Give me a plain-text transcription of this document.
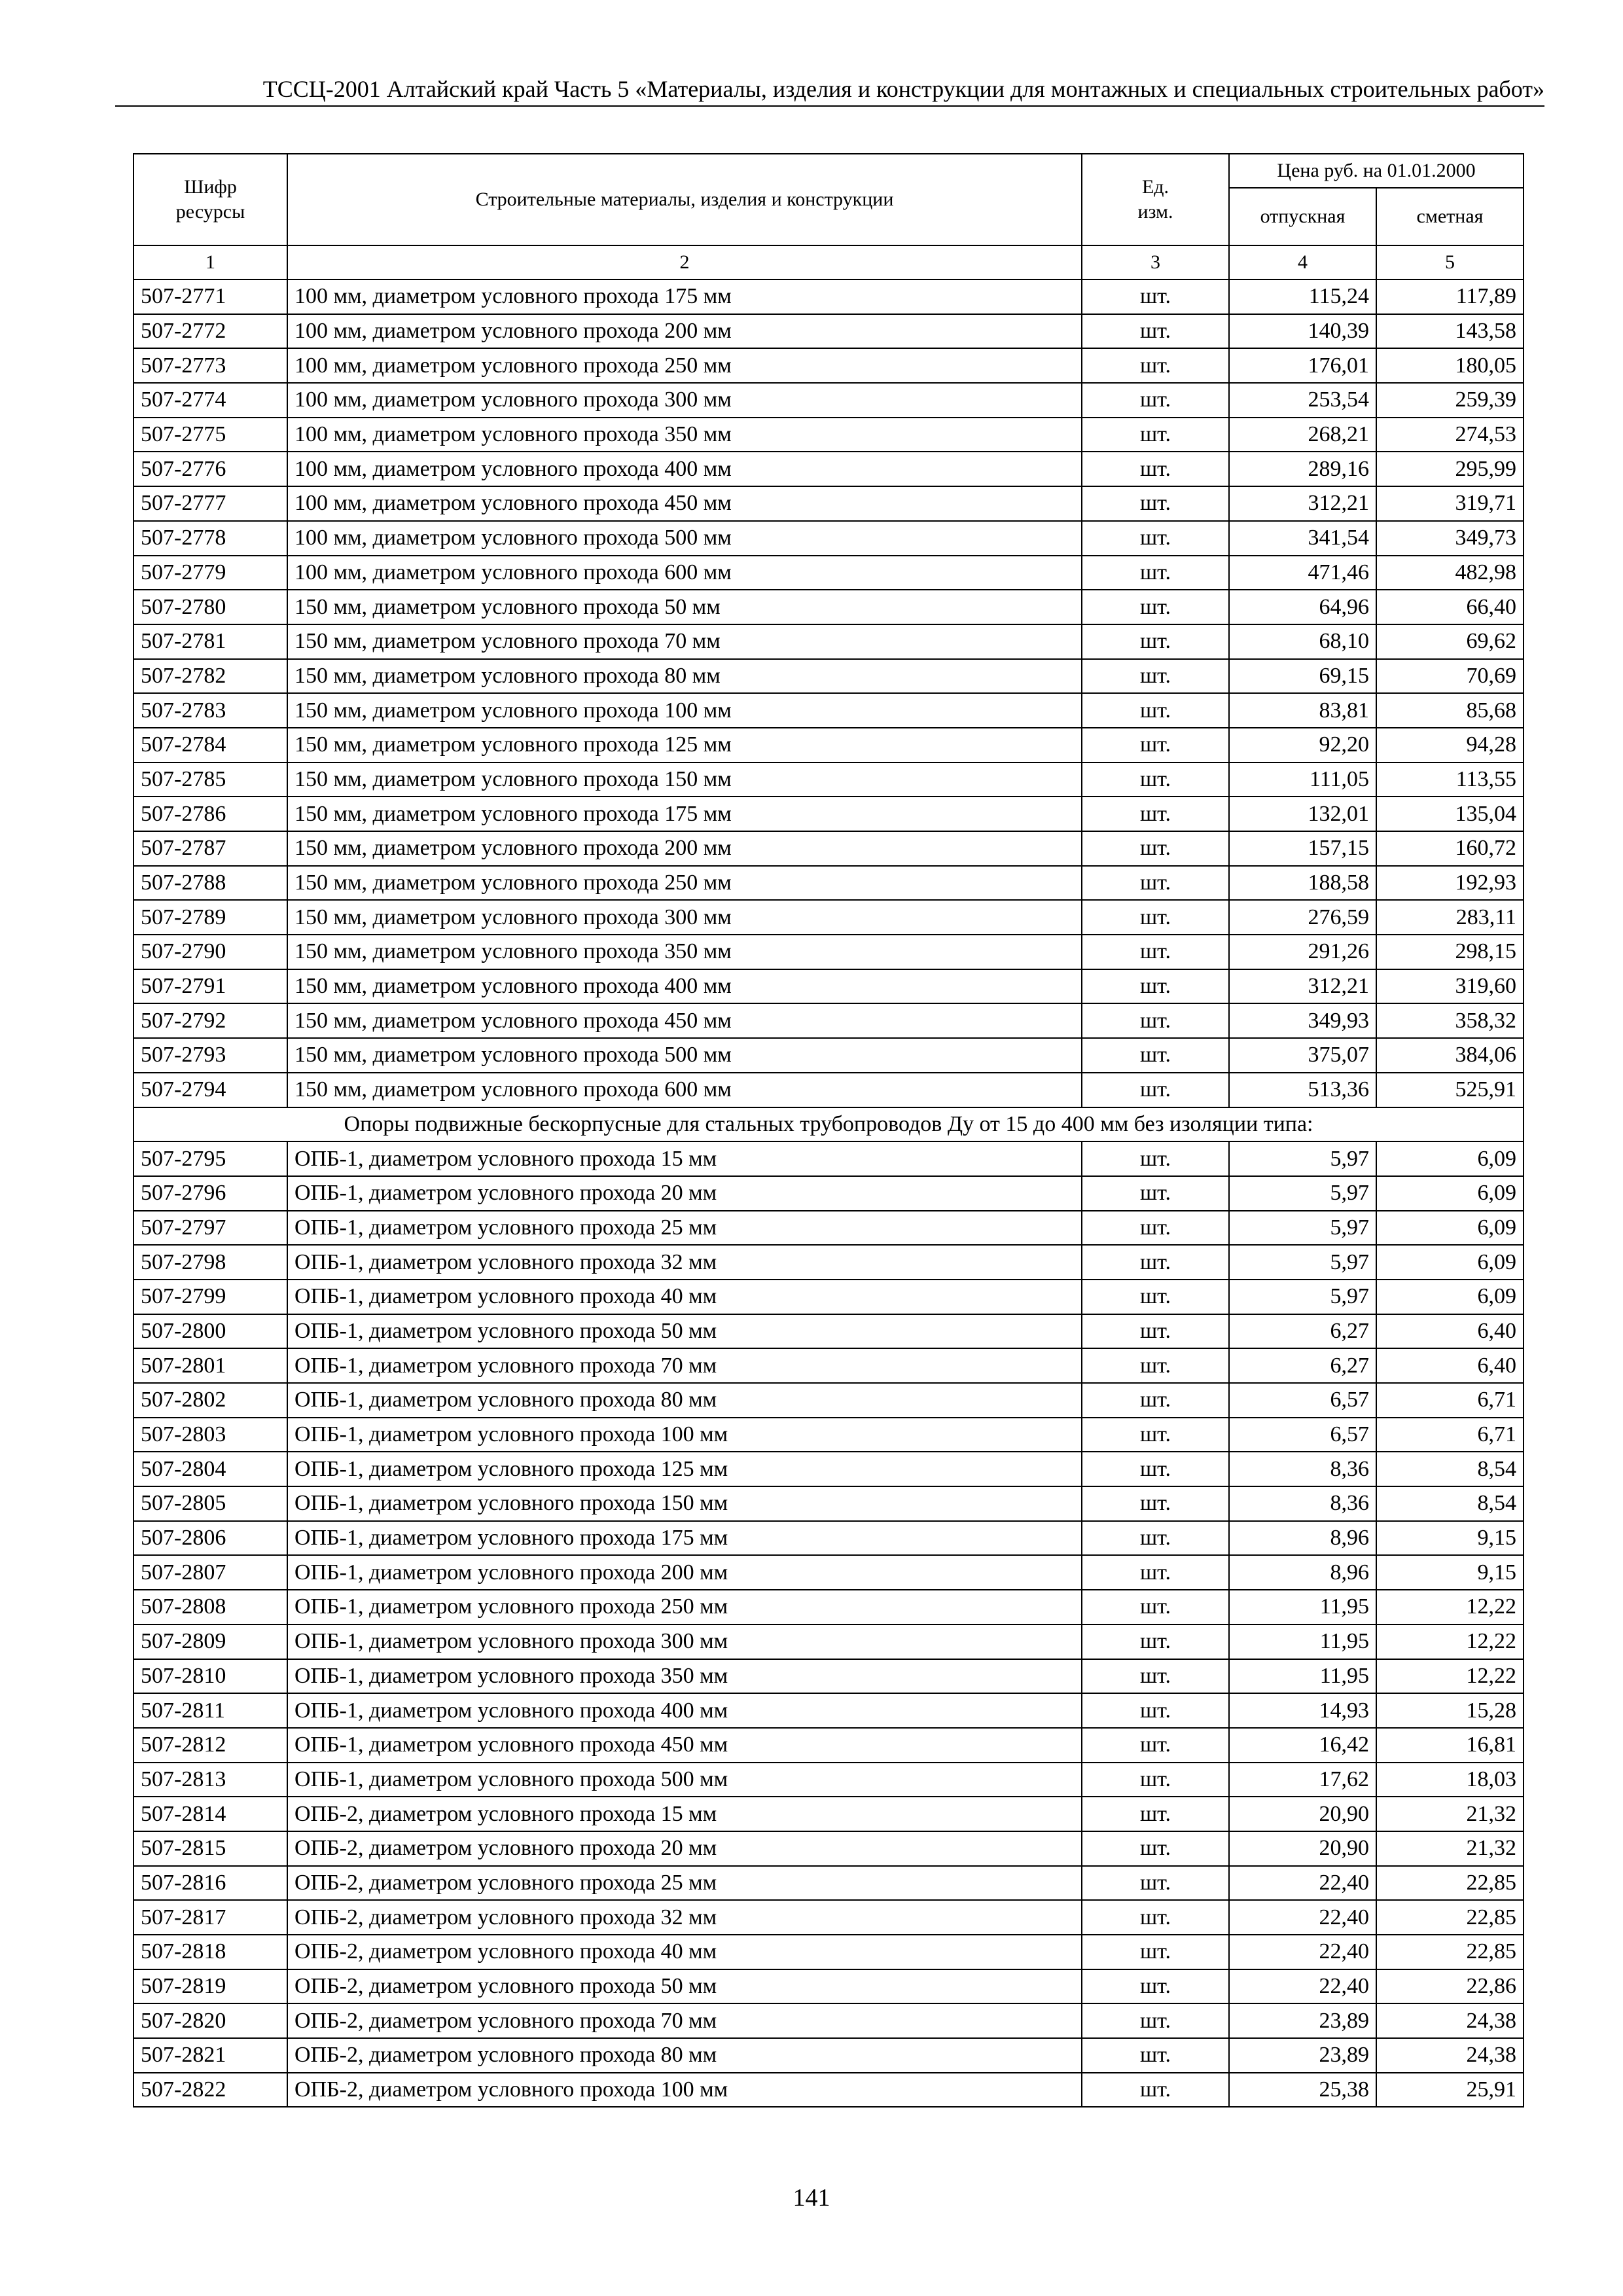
ТССЦ-2001 Алтайский край Часть 5 «Материалы, изделия и конструкции для монтажных и специальных строительных работ»
Шифр ресурсы	Строительные материалы, изделия и конструкции	Ед. изм.	Цена руб. на 01.01.2000	
			отпускная	сметная
1	2	3	4	5
507-2771	100 мм, диаметром условного прохода 175 мм	шт.	115,24	117,89
507-2772	100 мм, диаметром условного прохода 200 мм	шт.	140,39	143,58
507-2773	100 мм, диаметром условного прохода 250 мм	шт.	176,01	180,05
507-2774	100 мм, диаметром условного прохода 300 мм	шт.	253,54	259,39
507-2775	100 мм, диаметром условного прохода 350 мм	шт.	268,21	274,53
507-2776	100 мм, диаметром условного прохода 400 мм	шт.	289,16	295,99
507-2777	100 мм, диаметром условного прохода 450 мм	шт.	312,21	319,71
507-2778	100 мм, диаметром условного прохода 500 мм	шт.	341,54	349,73
507-2779	100 мм, диаметром условного прохода 600 мм	шт.	471,46	482,98
507-2780	150 мм, диаметром условного прохода 50 мм	шт.	64,96	66,40
507-2781	150 мм, диаметром условного прохода 70 мм	шт.	68,10	69,62
507-2782	150 мм, диаметром условного прохода 80 мм	шт.	69,15	70,69
507-2783	150 мм, диаметром условного прохода 100 мм	шт.	83,81	85,68
507-2784	150 мм, диаметром условного прохода 125 мм	шт.	92,20	94,28
507-2785	150 мм, диаметром условного прохода 150 мм	шт.	111,05	113,55
507-2786	150 мм, диаметром условного прохода 175 мм	шт.	132,01	135,04
507-2787	150 мм, диаметром условного прохода 200 мм	шт.	157,15	160,72
507-2788	150 мм, диаметром условного прохода 250 мм	шт.	188,58	192,93
507-2789	150 мм, диаметром условного прохода 300 мм	шт.	276,59	283,11
507-2790	150 мм, диаметром условного прохода 350 мм	шт.	291,26	298,15
507-2791	150 мм, диаметром условного прохода 400 мм	шт.	312,21	319,60
507-2792	150 мм, диаметром условного прохода 450 мм	шт.	349,93	358,32
507-2793	150 мм, диаметром условного прохода 500 мм	шт.	375,07	384,06
507-2794	150 мм, диаметром условного прохода 600 мм	шт.	513,36	525,91
Опоры подвижные бескорпусные для стальных трубопроводов Ду от 15 до 400 мм без изоляции типа:				
507-2795	ОПБ-1, диаметром условного прохода 15 мм	шт.	5,97	6,09
507-2796	ОПБ-1, диаметром условного прохода 20 мм	шт.	5,97	6,09
507-2797	ОПБ-1, диаметром условного прохода 25 мм	шт.	5,97	6,09
507-2798	ОПБ-1, диаметром условного прохода 32 мм	шт.	5,97	6,09
507-2799	ОПБ-1, диаметром условного прохода 40 мм	шт.	5,97	6,09
507-2800	ОПБ-1, диаметром условного прохода 50 мм	шт.	6,27	6,40
507-2801	ОПБ-1, диаметром условного прохода 70 мм	шт.	6,27	6,40
507-2802	ОПБ-1, диаметром условного прохода 80 мм	шт.	6,57	6,71
507-2803	ОПБ-1, диаметром условного прохода 100 мм	шт.	6,57	6,71
507-2804	ОПБ-1, диаметром условного прохода 125 мм	шт.	8,36	8,54
507-2805	ОПБ-1, диаметром условного прохода 150 мм	шт.	8,36	8,54
507-2806	ОПБ-1, диаметром условного прохода 175 мм	шт.	8,96	9,15
507-2807	ОПБ-1, диаметром условного прохода 200 мм	шт.	8,96	9,15
507-2808	ОПБ-1, диаметром условного прохода 250 мм	шт.	11,95	12,22
507-2809	ОПБ-1, диаметром условного прохода 300 мм	шт.	11,95	12,22
507-2810	ОПБ-1, диаметром условного прохода 350 мм	шт.	11,95	12,22
507-2811	ОПБ-1, диаметром условного прохода 400 мм	шт.	14,93	15,28
507-2812	ОПБ-1, диаметром условного прохода 450 мм	шт.	16,42	16,81
507-2813	ОПБ-1, диаметром условного прохода 500 мм	шт.	17,62	18,03
507-2814	ОПБ-2, диаметром условного прохода 15 мм	шт.	20,90	21,32
507-2815	ОПБ-2, диаметром условного прохода 20 мм	шт.	20,90	21,32
507-2816	ОПБ-2, диаметром условного прохода 25 мм	шт.	22,40	22,85
507-2817	ОПБ-2, диаметром условного прохода 32 мм	шт.	22,40	22,85
507-2818	ОПБ-2, диаметром условного прохода 40 мм	шт.	22,40	22,85
507-2819	ОПБ-2, диаметром условного прохода 50 мм	шт.	22,40	22,86
507-2820	ОПБ-2, диаметром условного прохода 70 мм	шт.	23,89	24,38
507-2821	ОПБ-2, диаметром условного прохода 80 мм	шт.	23,89	24,38
507-2822	ОПБ-2, диаметром условного прохода 100 мм	шт.	25,38	25,91
141
